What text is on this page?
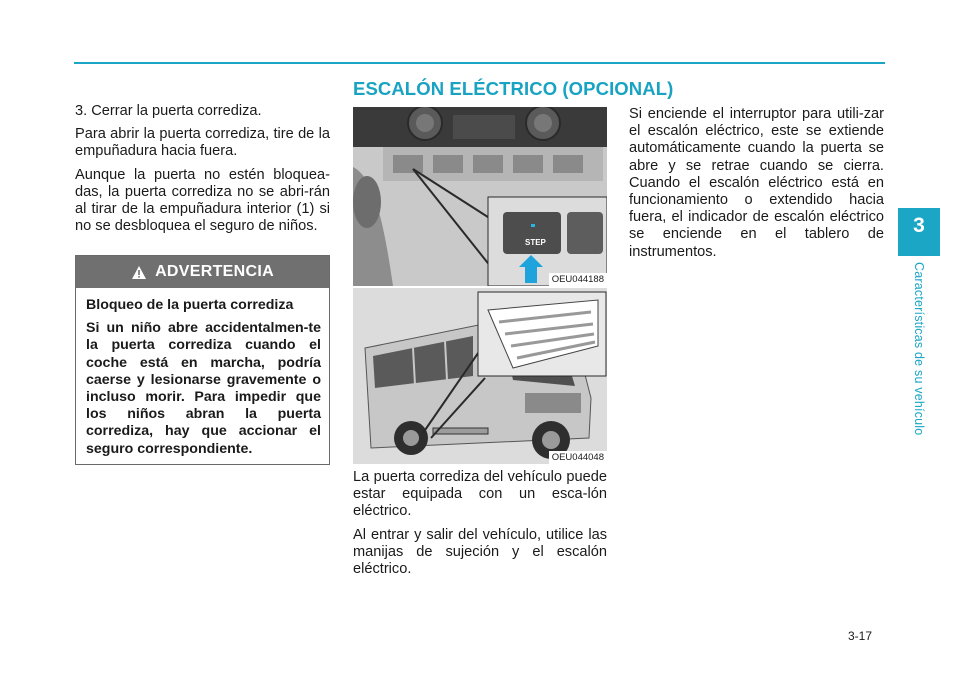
ESCALÓN ELÉCTRICO (OPCIONAL)
3
Características de su vehículo

3. Cerrar la puerta corrediza.

Para abrir la puerta corrediza, tire de la empuñadura hacia fuera.

Aunque la puerta no estén bloquea-das, la puerta corrediza no se abri-rán al tirar de la empuñadura interior (1) si no se desbloquea el seguro de niños.

ADVERTENCIA

Bloqueo de la puerta corrediza

Si un niño abre accidentalmen-te la puerta corrediza cuando el coche está en marcha, podría caerse y lesionarse gravemente o incluso morir. Para impedir que los niños abran la puerta corrediza, hay que accionar el seguro correspondiente.

STEP
OEU044188
OEU044048

La puerta corrediza del vehículo puede estar equipada con un esca-lón eléctrico.

Al entrar y salir del vehículo, utilice las manijas de sujeción y el escalón eléctrico.

Si enciende el interruptor para utili-zar el escalón eléctrico, este se extiende automáticamente cuando la puerta se abre y se retrae cuando se cierra. Cuando el escalón eléctrico está en funcionamiento o extendido hacia fuera, el indicador de escalón eléctrico se enciende en el tablero de instrumentos.

3-17
